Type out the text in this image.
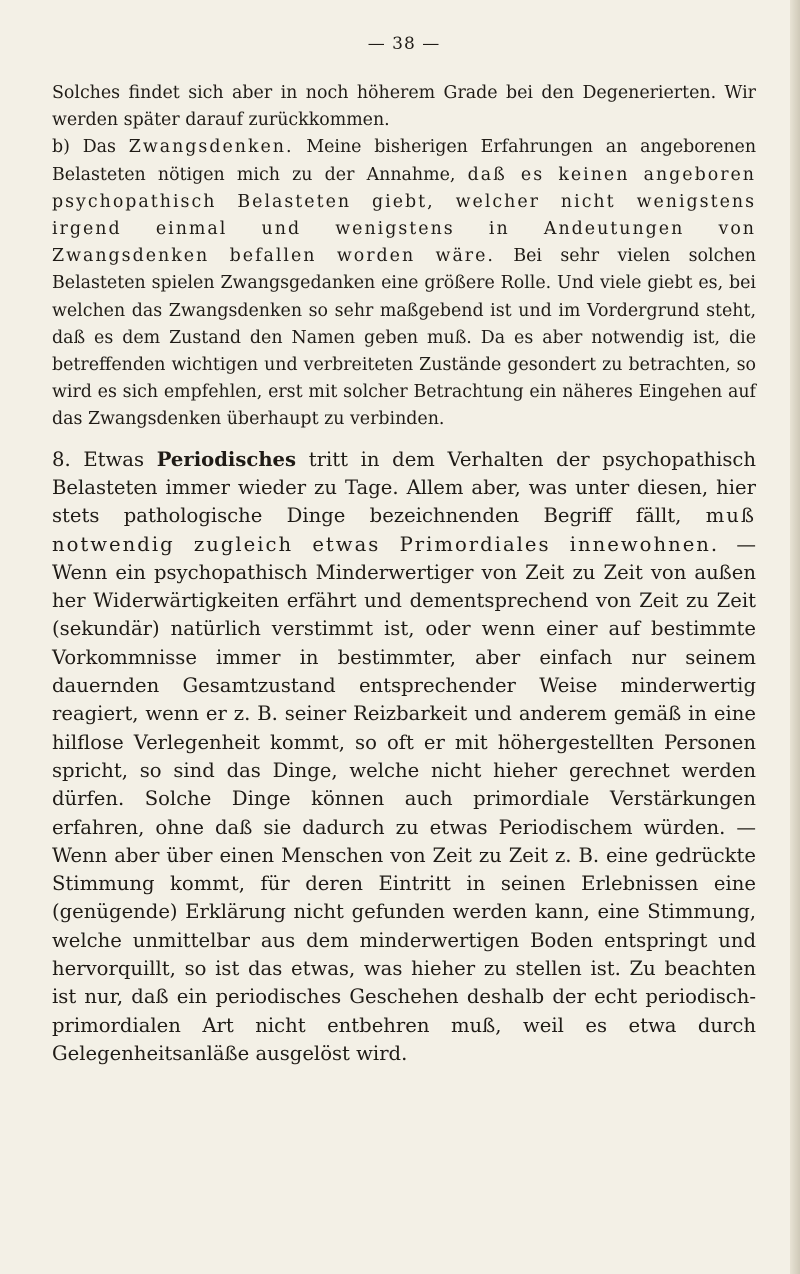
— 38 —

Solches findet sich aber in noch höherem Grade bei den Degenerierten. Wir werden später darauf zurückkommen.

b) Das Zwangsdenken. Meine bisherigen Erfahrungen an angeborenen Belasteten nötigen mich zu der Annahme, daß es keinen angeboren psychopathisch Belasteten giebt, welcher nicht wenigstens irgend einmal und wenigstens in Andeutungen von Zwangsdenken befallen worden wäre. Bei sehr vielen solchen Belasteten spielen Zwangsgedanken eine größere Rolle. Und viele giebt es, bei welchen das Zwangsdenken so sehr maßgebend ist und im Vordergrund steht, daß es dem Zustand den Namen geben muß. Da es aber notwendig ist, die betreffenden wichtigen und verbreiteten Zustände gesondert zu betrachten, so wird es sich empfehlen, erst mit solcher Betrachtung ein näheres Eingehen auf das Zwangsdenken überhaupt zu verbinden.

8. Etwas Periodisches tritt in dem Verhalten der psychopathisch Belasteten immer wieder zu Tage. Allem aber, was unter diesen, hier stets pathologische Dinge bezeichnenden Begriff fällt, muß notwendig zugleich etwas Primordiales innewohnen. — Wenn ein psychopathisch Minderwertiger von Zeit zu Zeit von außen her Widerwärtigkeiten erfährt und dementsprechend von Zeit zu Zeit (sekundär) natürlich verstimmt ist, oder wenn einer auf bestimmte Vorkommnisse immer in bestimmter, aber einfach nur seinem dauernden Gesamtzustand entsprechender Weise minderwertig reagiert, wenn er z. B. seiner Reizbarkeit und anderem gemäß in eine hilflose Verlegenheit kommt, so oft er mit höhergestellten Personen spricht, so sind das Dinge, welche nicht hieher gerechnet werden dürfen. Solche Dinge können auch primordiale Verstärkungen erfahren, ohne daß sie dadurch zu etwas Periodischem würden. — Wenn aber über einen Menschen von Zeit zu Zeit z. B. eine gedrückte Stimmung kommt, für deren Eintritt in seinen Erlebnissen eine (genügende) Erklärung nicht gefunden werden kann, eine Stimmung, welche unmittelbar aus dem minderwertigen Boden entspringt und hervorquillt, so ist das etwas, was hieher zu stellen ist. Zu beachten ist nur, daß ein periodisches Geschehen deshalb der echt periodisch-primordialen Art nicht entbehren muß, weil es etwa durch Gelegenheitsanläße ausgelöst wird.
